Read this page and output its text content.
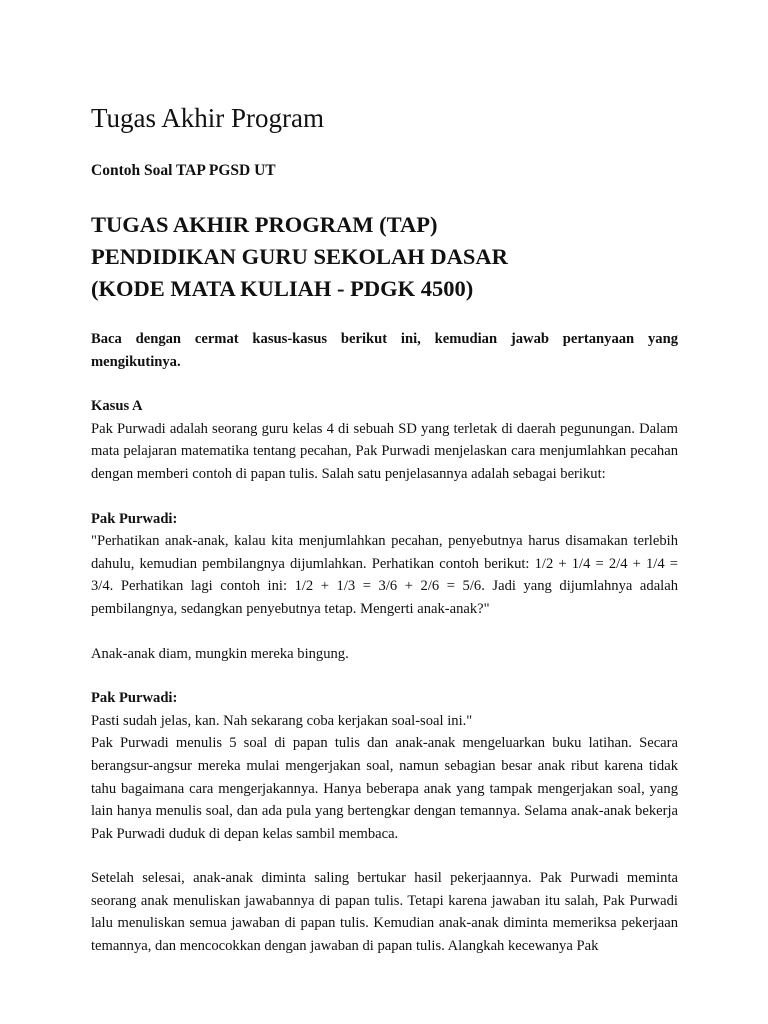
Tugas Akhir Program
Contoh Soal TAP PGSD UT
TUGAS AKHIR PROGRAM (TAP)
PENDIDIKAN GURU SEKOLAH DASAR
(KODE MATA KULIAH - PDGK 4500)

Baca dengan cermat kasus-kasus berikut ini, kemudian jawab pertanyaan yang mengikutinya.

Kasus A
Pak Purwadi adalah seorang guru kelas 4 di sebuah SD yang terletak di daerah pegunungan. Dalam mata pelajaran matematika tentang pecahan, Pak Purwadi menjelaskan cara menjumlahkan pecahan dengan memberi contoh di papan tulis. Salah satu penjelasannya adalah sebagai berikut:
Pak Purwadi:
"Perhatikan anak-anak, kalau kita menjumlahkan pecahan, penyebutnya harus disamakan terlebih dahulu, kemudian pembilangnya dijumlahkan. Perhatikan contoh berikut: 1/2 + 1/4 = 2/4 + 1/4 = 3/4. Perhatikan lagi contoh ini: 1/2 + 1/3 = 3/6 + 2/6 = 5/6. Jadi yang dijumlahnya adalah pembilangnya, sedangkan penyebutnya tetap. Mengerti anak-anak?"

Anak-anak diam, mungkin mereka bingung.

Pak Purwadi:
Pasti sudah jelas, kan. Nah sekarang coba kerjakan soal-soal ini."

Pak Purwadi menulis 5 soal di papan tulis dan anak-anak mengeluarkan buku latihan. Secara berangsur-angsur mereka mulai mengerjakan soal, namun sebagian besar anak ribut karena tidak tahu bagaimana cara mengerjakannya. Hanya beberapa anak yang tampak mengerjakan soal, yang lain hanya menulis soal, dan ada pula yang bertengkar dengan temannya. Selama anak-anak bekerja Pak Purwadi duduk di depan kelas sambil membaca.

Setelah selesai, anak-anak diminta saling bertukar hasil pekerjaannya. Pak Purwadi meminta seorang anak menuliskan jawabannya di papan tulis. Tetapi karena jawaban itu salah, Pak Purwadi lalu menuliskan semua jawaban di papan tulis. Kemudian anak-anak diminta memeriksa pekerjaan temannya, dan mencocokkan dengan jawaban di papan tulis. Alangkah kecewanya Pak
